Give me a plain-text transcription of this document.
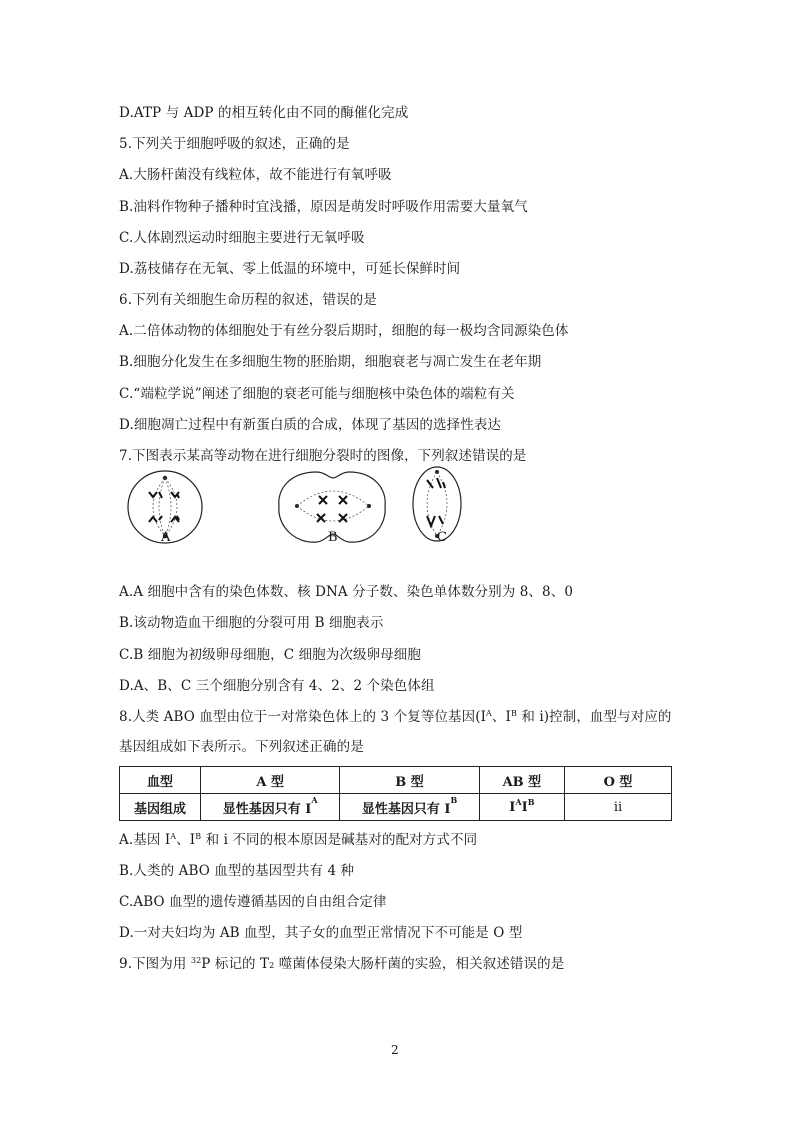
D.ATP 与 ADP 的相互转化由不同的酶催化完成
5.下列关于细胞呼吸的叙述，正确的是
A.大肠杆菌没有线粒体，故不能进行有氧呼吸
B.油料作物种子播种时宜浅播，原因是萌发时呼吸作用需要大量氧气
C.人体剧烈运动时细胞主要进行无氧呼吸
D.荔枝储存在无氧、零上低温的环境中，可延长保鲜时间
6.下列有关细胞生命历程的叙述，错误的是
A.二倍体动物的体细胞处于有丝分裂后期时，细胞的每一极均含同源染色体
B.细胞分化发生在多细胞生物的胚胎期，细胞衰老与凋亡发生在老年期
C.“端粒学说”阐述了细胞的衰老可能与细胞核中染色体的端粒有关
D.细胞凋亡过程中有新蛋白质的合成，体现了基因的选择性表达
7.下图表示某高等动物在进行细胞分裂时的图像，下列叙述错误的是
A	B	C
A.A 细胞中含有的染色体数、核 DNA 分子数、染色单体数分别为 8、8、0
B.该动物造血干细胞的分裂可用 B 细胞表示
C.B 细胞为初级卵母细胞，C 细胞为次级卵母细胞
D.A、B、C 三个细胞分别含有 4、2、2 个染色体组
8.人类 ABO 血型由位于一对常染色体上的 3 个复等位基因($I^A$、$I^B$ 和 i)控制，血型与对应的
基因组成如下表所示。下列叙述正确的是
血型	A 型	B 型	AB 型	O 型
基因组成	显性基因只有 $I^A$	显性基因只有 $I^B$	$I^AI^B$	ii
A.基因 $I^A$、$I^B$ 和 i 不同的根本原因是碱基对的配对方式不同
B.人类的 ABO 血型的基因型共有 4 种
C.ABO 血型的遗传遵循基因的自由组合定律
D.一对夫妇均为 AB 血型，其子女的血型正常情况下不可能是 O 型
9.下图为用 $^{32}$P 标记的 $T_2$ 噬菌体侵染大肠杆菌的实验，相关叙述错误的是
2
